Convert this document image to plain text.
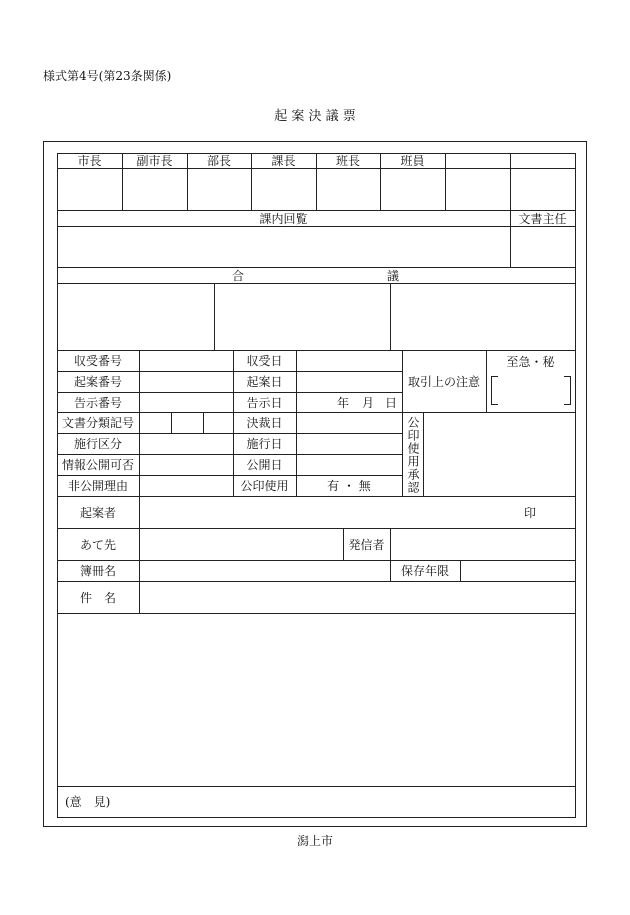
様式第4号(第23条関係)
起 案 決 議 票
市長	副市長	部長	課長	班長	班員
課内回覧	文書主任
合	議
収受番号	収受日
起案番号	起案日
告示番号	告示日	年 月 日
文書分類記号	決裁日
施行区分	施行日
情報公開可否	公開日
非公開理由	公印使用	有 ・ 無
取引上の注意
至急・秘
公印使用承認
起案者	印
あて先	発信者
簿冊名	保存年限
件　名
(意　見)
潟上市
